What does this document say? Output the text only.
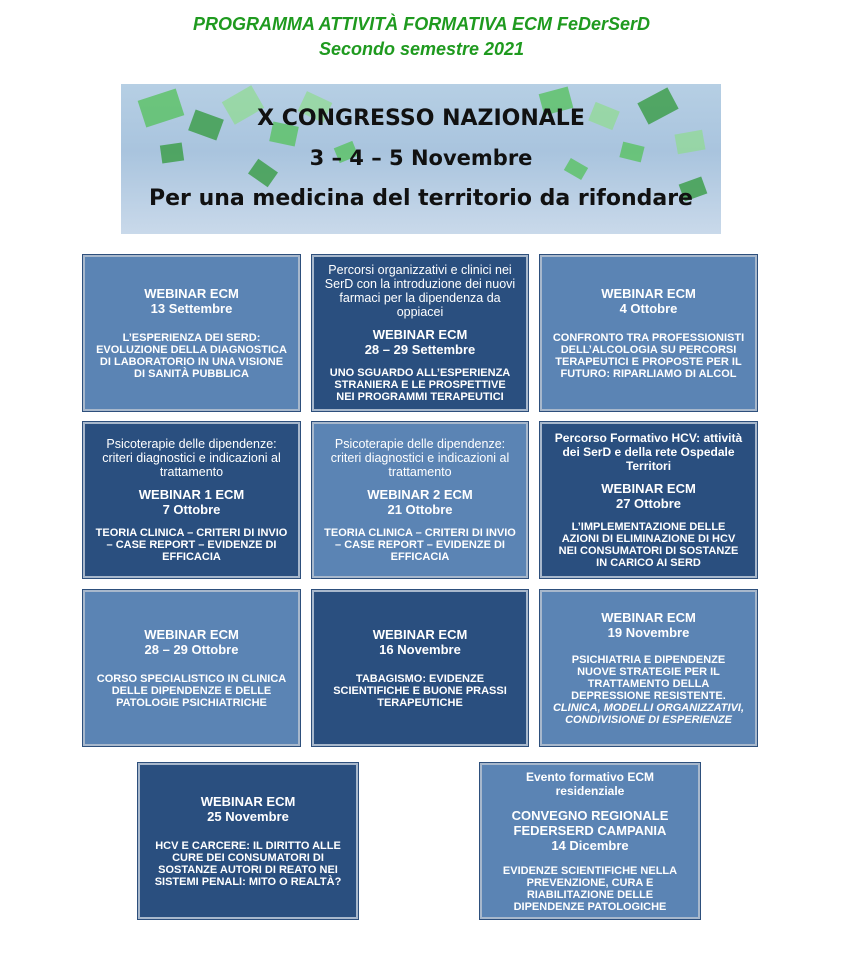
PROGRAMMA ATTIVITÀ FORMATIVA ECM FeDerSerD
Secondo semestre 2021
X CONGRESSO NAZIONALE
3 – 4 – 5 Novembre
Per una medicina del territorio da rifondare
WEBINAR ECM
13 Settembre
L’ESPERIENZA DEI SERD: EVOLUZIONE DELLA DIAGNOSTICA DI LABORATORIO IN UNA VISIONE DI SANITÀ PUBBLICA
Percorsi organizzativi e clinici nei SerD con la introduzione dei nuovi farmaci per la dipendenza da oppiacei
WEBINAR ECM
28 – 29 Settembre
UNO SGUARDO ALL’ESPERIENZA STRANIERA E LE PROSPETTIVE NEI PROGRAMMI TERAPEUTICI
WEBINAR ECM
4 Ottobre
CONFRONTO TRA PROFESSIONISTI DELL’ALCOLOGIA SU PERCORSI TERAPEUTICI E PROPOSTE PER IL FUTURO: RIPARLIAMO DI ALCOL
Psicoterapie delle dipendenze: criteri diagnostici e indicazioni al trattamento
WEBINAR 1 ECM
7 Ottobre
TEORIA CLINICA – CRITERI DI INVIO – CASE REPORT – EVIDENZE DI EFFICACIA
Psicoterapie delle dipendenze: criteri diagnostici e indicazioni al trattamento
WEBINAR 2 ECM
21 Ottobre
TEORIA CLINICA – CRITERI DI INVIO – CASE REPORT – EVIDENZE DI EFFICACIA
Percorso Formativo HCV: attività dei SerD e della rete Ospedale Territori
WEBINAR ECM
27 Ottobre
L’IMPLEMENTAZIONE DELLE AZIONI DI ELIMINAZIONE DI HCV NEI CONSUMATORI DI SOSTANZE IN CARICO AI SERD
WEBINAR ECM
28 – 29 Ottobre
CORSO SPECIALISTICO IN CLINICA DELLE DIPENDENZE E DELLE PATOLOGIE PSICHIATRICHE
WEBINAR ECM
16 Novembre
TABAGISMO: EVIDENZE SCIENTIFICHE E BUONE PRASSI TERAPEUTICHE
WEBINAR ECM
19 Novembre
PSICHIATRIA E DIPENDENZE NUOVE STRATEGIE PER IL TRATTAMENTO DELLA DEPRESSIONE RESISTENTE.
CLINICA, MODELLI ORGANIZZATIVI, CONDIVISIONE DI ESPERIENZE
WEBINAR ECM
25 Novembre
HCV E CARCERE: IL DIRITTO ALLE CURE DEI CONSUMATORI DI SOSTANZE AUTORI DI REATO NEI SISTEMI PENALI: MITO O REALTÀ?
Evento formativo ECM residenziale
CONVEGNO REGIONALE FEDERSERD CAMPANIA
14 Dicembre
EVIDENZE SCIENTIFICHE NELLA PREVENZIONE, CURA E RIABILITAZIONE DELLE DIPENDENZE PATOLOGICHE
